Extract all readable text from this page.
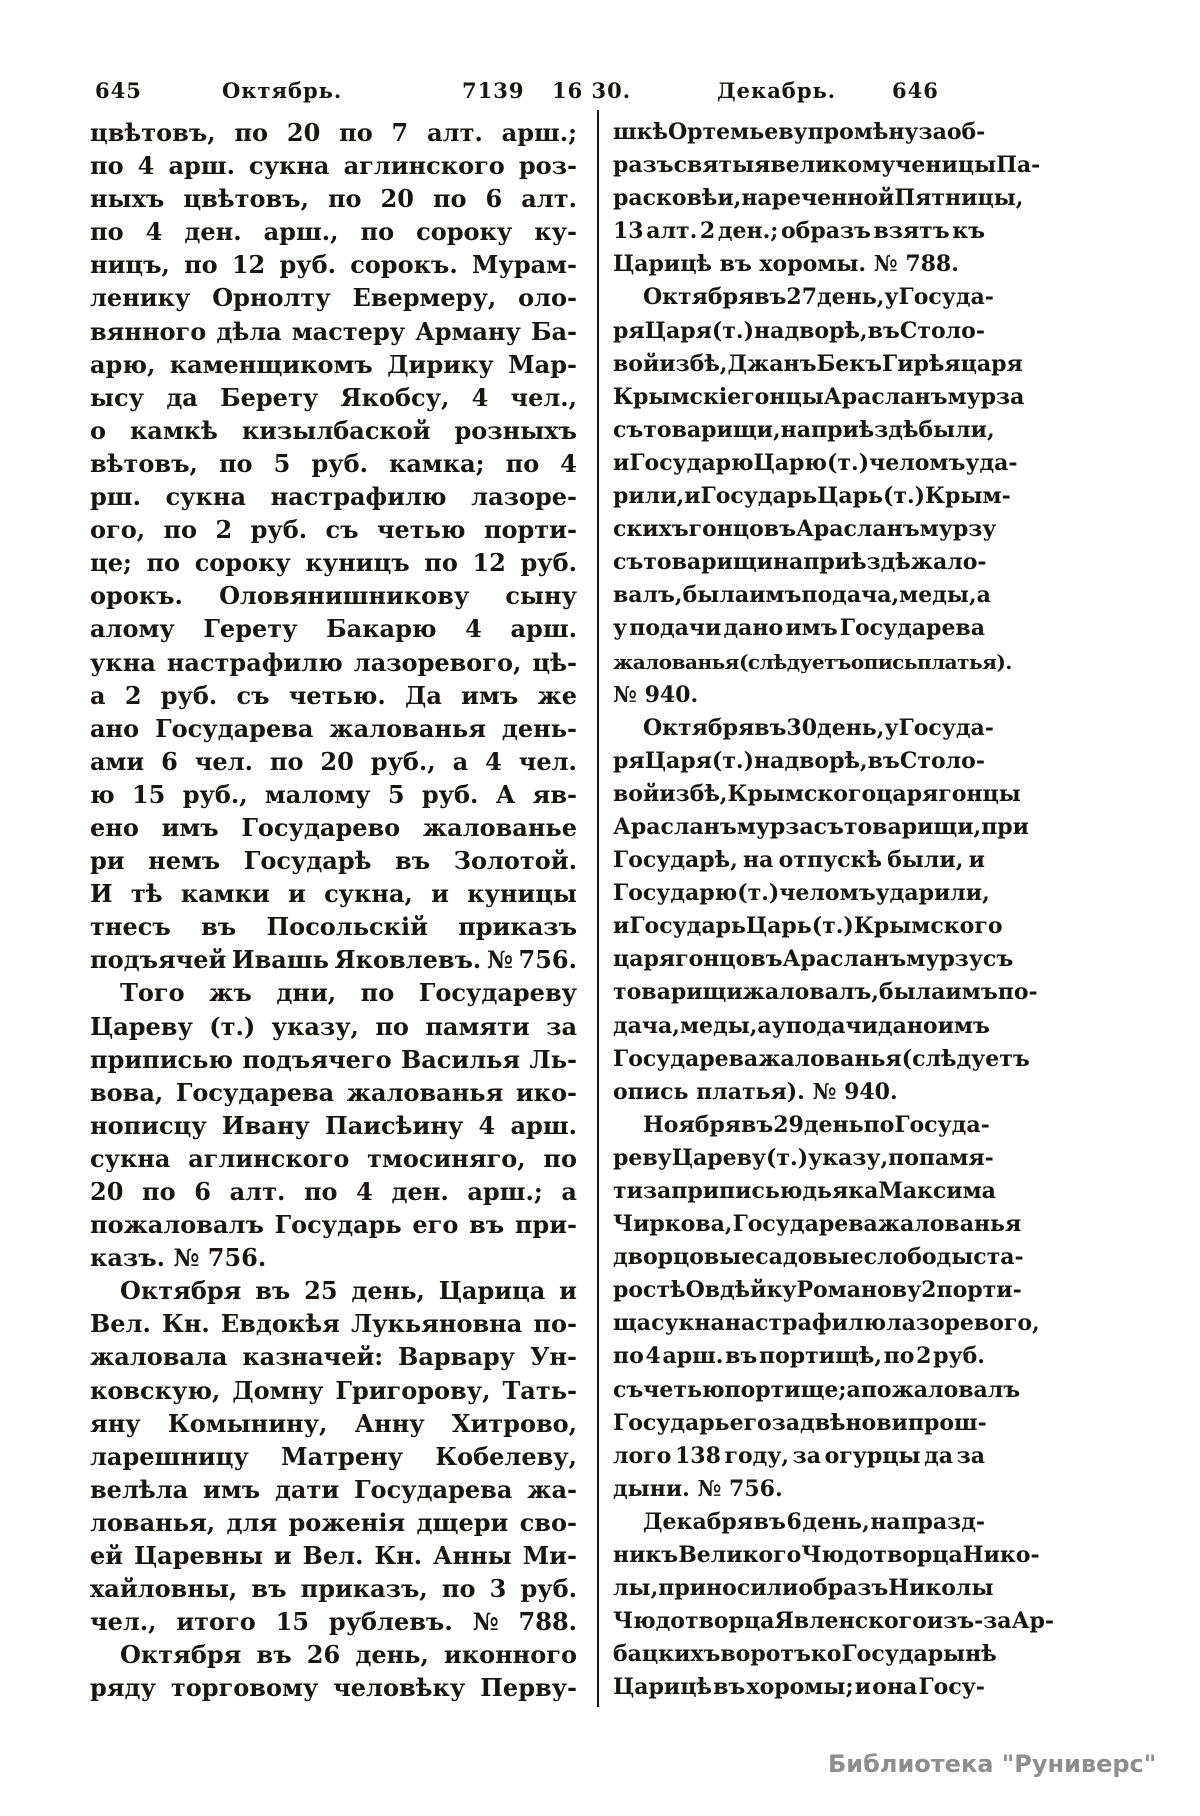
645	Октябрь.	7139 16 30.	Декабрь.	646
цвѣтовъ, по 20 по 7 алт. арш.;
по 4 арш. сукна аглинского роз-
ныхъ цвѣтовъ, по 20 по 6 алт.
по 4 ден. арш., по сороку ку-
ницъ, по 12 руб. сорокъ. Мурам-
ленику Орнолту Евермеру, оло-
вянного дѣла мастеру Арману Ба-
арю, каменщикомъ Дирику Мар-
ысу да Берету Якобсу, 4 чел.,
о камкѣ кизылбаской розныхъ
вѣтовъ, по 5 руб. камка; по 4
рш. сукна настрафилю лазоре-
ого, по 2 руб. съ четью порти-
це; по сороку куницъ по 12 руб.
орокъ. Оловянишникову сыну
алому Герету Бакарю 4 арш.
укна настрафилю лазоревого, цѣ-
а 2 руб. съ четью. Да имъ же
ано Государева жалованья день-
ами 6 чел. по 20 руб., а 4 чел.
ю 15 руб., малому 5 руб. А яв-
ено имъ Государево жалованье
ри немъ Государѣ въ Золотой.
И тѣ камки и сукна, и куницы
тнесъ въ Посольскій приказъ
подъячей Ивашь Яковлевъ. № 756.
Того жъ дни, по Государеву
Цареву (т.) указу, по памяти за
приписью подъячего Василья Ль-
вова, Государева жалованья ико-
нописцу Ивану Паисѣину 4 арш.
сукна аглинского тмосиняго, по
20 по 6 алт. по 4 ден. арш.; а
пожаловалъ Государь его въ при-
казъ. № 756.
Октября въ 25 день, Царица и
Вел. Кн. Евдокѣя Лукьяновна по-
жаловала казначей: Варвару Ун-
ковскую, Домну Григорову, Тать-
яну Комынину, Анну Хитрово,
ларешницу Матрену Кобелеву,
велѣла имъ дати Государева жа-
лованья, для роженія дщери сво-
ей Царевны и Вел. Кн. Анны Ми-
хайловны, въ приказъ, по 3 руб.
чел., итого 15 рублевъ. № 788.
Октября въ 26 день, иконного
ряду торговому человѣку Перву-
шкѣ Ортемьеву промѣну за об-
разъ святыя великомученицы Па-
расковѣи, нареченной Пятницы,
13 алт. 2 ден.; образъ взятъ къ
Царицѣ въ хоромы. № 788.
Октября въ 27 день, у Госуда-
ря Царя (т.) на дворѣ, въ Столо-
вой избѣ, Джанъ Бекъ Гирѣя царя
Крымскіе гонцы Арасланъ мурза
съ товарищи, на приѣздѣ были,
и Государю Царю (т.) челомъ уда-
рили, и Государь Царь (т.) Крым-
скихъ гонцовъ Арасланъ мурзу
съ товарищи на приѣздѣ жало-
валъ, была имъ подача, меды, а
у подачи дано имъ Государева
жалованья (слѣдуетъ опись платья).
№ 940.
Октября въ 30 день, у Госуда-
ря Царя (т.) на дворѣ, въ Столо-
вой избѣ, Крымского царя гонцы
Арасланъ мурза съ товарищи, при
Государѣ, на отпускѣ были, и
Государю (т.) челомъ ударили,
и Государь Царь (т.) Крымского
царя гонцовъ Арасланъ мурзу съ
товарищи жаловалъ, была имъ по-
дача, меды, а у подачи дано имъ
Государева жалованья (слѣдуетъ
опись платья). № 940.
Ноября въ 29 день по Госуда-
реву Цареву (т.) указу, по памя-
ти за приписью дьяка Максима
Чиркова, Государева жалованья
дворцовые садовые слободы ста-
ростѣ Овдѣйку Романову 2 порти-
ща сукна настрафилю лазоревого,
по 4 арш. въ портищѣ, по 2 руб.
съ четью портище; а пожаловалъ
Государь его за двѣ нови прош-
лого 138 году, за огурцы да за
дыни. № 756.
Декабря въ 6 день, на празд-
никъ Великого Чюдотворца Нико-
лы, приносили образъ Николы
Чюдотворца Явленского изъ-за Ар-
бацкихъ воротъ ко Государынѣ
Царицѣ въ хоромы; и она Госу-
Библиотека "Руниверс"
